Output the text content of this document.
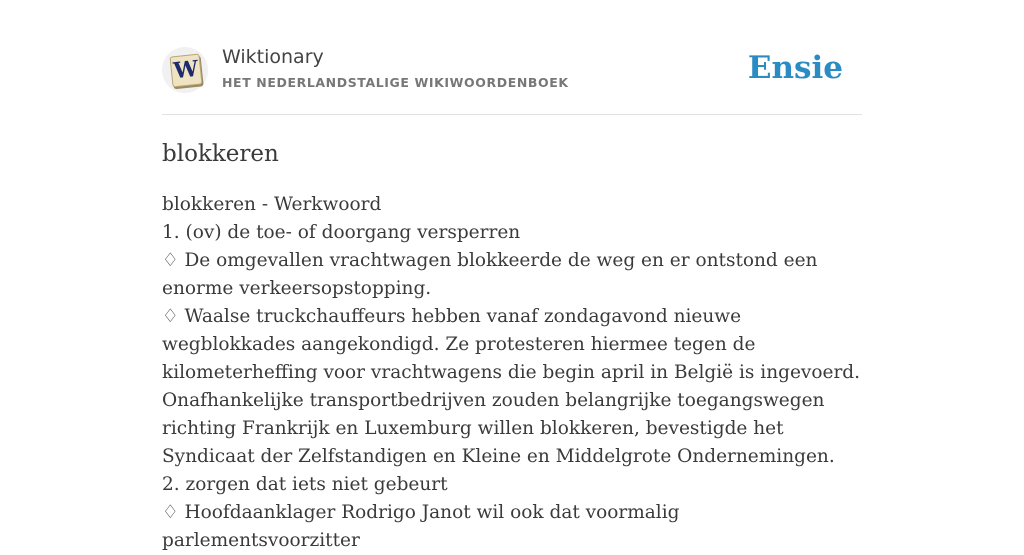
W Wiktionary
HET NEDERLANDSTALIGE WIKIWOORDENBOEK	Ensie
blokkeren
blokkeren - Werkwoord
1. (ov) de toe- of doorgang versperren
♢ De omgevallen vrachtwagen blokkeerde de weg en er ontstond een enorme verkeersopstopping.
♢ Waalse truckchauffeurs hebben vanaf zondagavond nieuwe wegblokkades aangekondigd. Ze protesteren hiermee tegen de kilometerheffing voor vrachtwagens die begin april in België is ingevoerd. Onafhankelijke transportbedrijven zouden belangrijke toegangswegen richting Frankrijk en Luxemburg willen blokkeren, bevestigde het Syndicaat der Zelfstandigen en Kleine en Middelgrote Ondernemingen.
2. zorgen dat iets niet gebeurt
♢ Hoofdaanklager Rodrigo Janot wil ook dat voormalig parlementsvoorzitter
